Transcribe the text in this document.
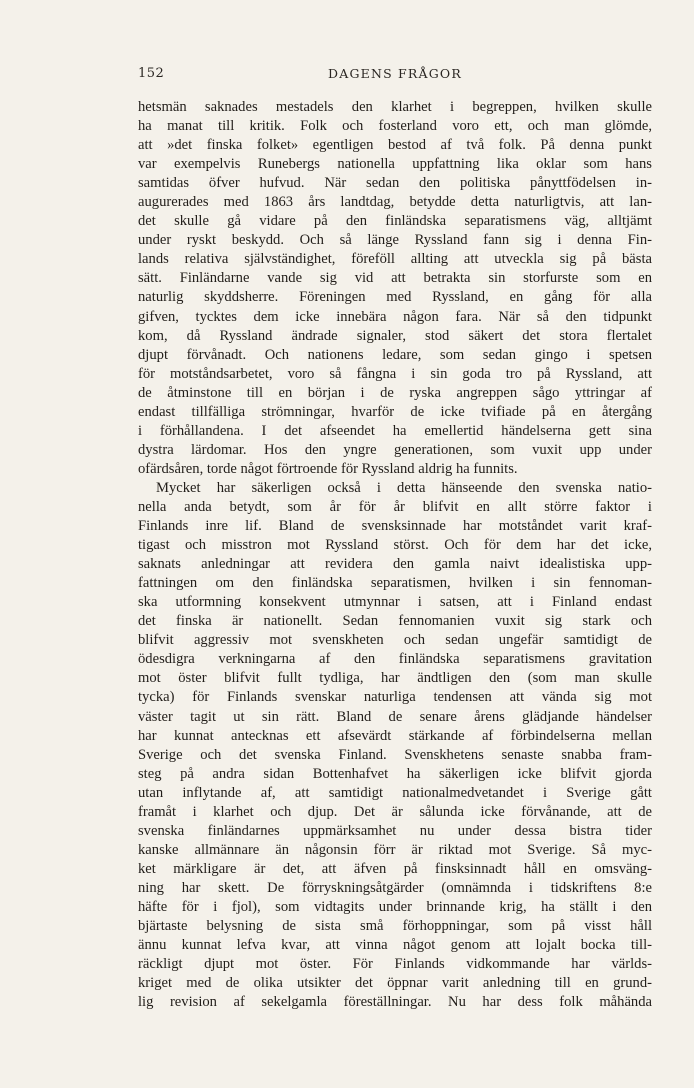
152	DAGENS FRÅGOR
hetsmän saknades mestadels den klarhet i begreppen, hvilken skulle
ha manat till kritik. Folk och fosterland voro ett, och man glömde,
att »det finska folket» egentligen bestod af två folk. På denna punkt
var exempelvis Runebergs nationella uppfattning lika oklar som hans
samtidas öfver hufvud. När sedan den politiska pånyttfödelsen in-
augurerades med 1863 års landtdag, betydde detta naturligtvis, att lan-
det skulle gå vidare på den finländska separatismens väg, alltjämt
under ryskt beskydd. Och så länge Ryssland fann sig i denna Fin-
lands relativa självständighet, föreföll allting att utveckla sig på bästa
sätt. Finländarne vande sig vid att betrakta sin storfurste som en
naturlig skyddsherre. Föreningen med Ryssland, en gång för alla
gifven, tycktes dem icke innebära någon fara. När så den tidpunkt
kom, då Ryssland ändrade signaler, stod säkert det stora flertalet
djupt förvånadt. Och nationens ledare, som sedan gingo i spetsen
för motståndsarbetet, voro så fångna i sin goda tro på Ryssland, att
de åtminstone till en början i de ryska angreppen sågo yttringar af
endast tillfälliga strömningar, hvarför de icke tvifiade på en återgång
i förhållandena. I det afseendet ha emellertid händelserna gett sina
dystra lärdomar. Hos den yngre generationen, som vuxit upp under
ofärdsåren, torde något förtroende för Ryssland aldrig ha funnits.
Mycket har säkerligen också i detta hänseende den svenska natio-
nella anda betydt, som år för år blifvit en allt större faktor i
Finlands inre lif. Bland de svensksinnade har motståndet varit kraf-
tigast och misstron mot Ryssland störst. Och för dem har det icke,
saknats anledningar att revidera den gamla naivt idealistiska upp-
fattningen om den finländska separatismen, hvilken i sin fennoman-
ska utformning konsekvent utmynnar i satsen, att i Finland endast
det finska är nationellt. Sedan fennomanien vuxit sig stark och
blifvit aggressiv mot svenskheten och sedan ungefär samtidigt de
ödesdigra verkningarna af den finländska separatismens gravitation
mot öster blifvit fullt tydliga, har ändtligen den (som man skulle
tycka) för Finlands svenskar naturliga tendensen att vända sig mot
väster tagit ut sin rätt. Bland de senare årens glädjande händelser
har kunnat antecknas ett afsevärdt stärkande af förbindelserna mellan
Sverige och det svenska Finland. Svenskhetens senaste snabba fram-
steg på andra sidan Bottenhafvet ha säkerligen icke blifvit gjorda
utan inflytande af, att samtidigt nationalmedvetandet i Sverige gått
framåt i klarhet och djup. Det är sålunda icke förvånande, att de
svenska finländarnes uppmärksamhet nu under dessa bistra tider
kanske allmännare än någonsin förr är riktad mot Sverige. Så myc-
ket märkligare är det, att äfven på finsksinnadt håll en omsväng-
ning har skett. De förryskningsåtgärder (omnämnda i tidskriftens 8:e
häfte för i fjol), som vidtagits under brinnande krig, ha ställt i den
bjärtaste belysning de sista små förhoppningar, som på visst håll
ännu kunnat lefva kvar, att vinna något genom att lojalt bocka till-
räckligt djupt mot öster. För Finlands vidkommande har världs-
kriget med de olika utsikter det öppnar varit anledning till en grund-
lig revision af sekelgamla föreställningar. Nu har dess folk måhända
